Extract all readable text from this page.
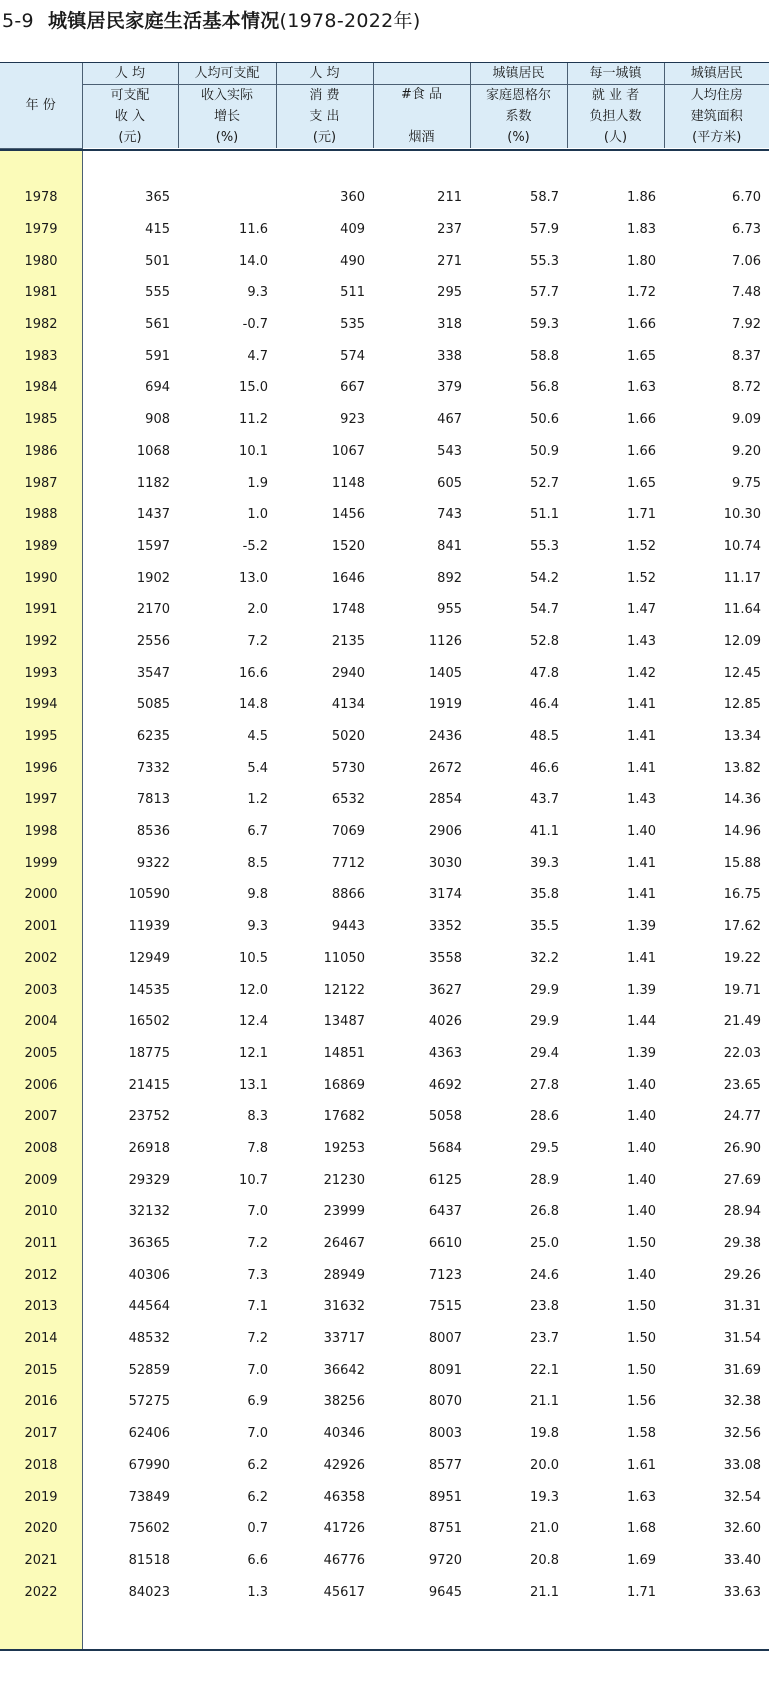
5-9 城镇居民家庭生活基本情况(1978-2022年)
年 份	人 均	人均可支配	人 均		城镇居民	每一城镇	城镇居民
	可支配	收入实际	消 费	#食 品	家庭恩格尔	就 业 者	人均住房
	收 入	增长	支 出		系数	负担人数	建筑面积
	(元)	(%)	(元)	烟酒	(%)	(人)	(平方米)
1978	365		360	211	58.7	1.86	6.70
1979	415	11.6	409	237	57.9	1.83	6.73
1980	501	14.0	490	271	55.3	1.80	7.06
1981	555	9.3	511	295	57.7	1.72	7.48
1982	561	-0.7	535	318	59.3	1.66	7.92
1983	591	4.7	574	338	58.8	1.65	8.37
1984	694	15.0	667	379	56.8	1.63	8.72
1985	908	11.2	923	467	50.6	1.66	9.09
1986	1068	10.1	1067	543	50.9	1.66	9.20
1987	1182	1.9	1148	605	52.7	1.65	9.75
1988	1437	1.0	1456	743	51.1	1.71	10.30
1989	1597	-5.2	1520	841	55.3	1.52	10.74
1990	1902	13.0	1646	892	54.2	1.52	11.17
1991	2170	2.0	1748	955	54.7	1.47	11.64
1992	2556	7.2	2135	1126	52.8	1.43	12.09
1993	3547	16.6	2940	1405	47.8	1.42	12.45
1994	5085	14.8	4134	1919	46.4	1.41	12.85
1995	6235	4.5	5020	2436	48.5	1.41	13.34
1996	7332	5.4	5730	2672	46.6	1.41	13.82
1997	7813	1.2	6532	2854	43.7	1.43	14.36
1998	8536	6.7	7069	2906	41.1	1.40	14.96
1999	9322	8.5	7712	3030	39.3	1.41	15.88
2000	10590	9.8	8866	3174	35.8	1.41	16.75
2001	11939	9.3	9443	3352	35.5	1.39	17.62
2002	12949	10.5	11050	3558	32.2	1.41	19.22
2003	14535	12.0	12122	3627	29.9	1.39	19.71
2004	16502	12.4	13487	4026	29.9	1.44	21.49
2005	18775	12.1	14851	4363	29.4	1.39	22.03
2006	21415	13.1	16869	4692	27.8	1.40	23.65
2007	23752	8.3	17682	5058	28.6	1.40	24.77
2008	26918	7.8	19253	5684	29.5	1.40	26.90
2009	29329	10.7	21230	6125	28.9	1.40	27.69
2010	32132	7.0	23999	6437	26.8	1.40	28.94
2011	36365	7.2	26467	6610	25.0	1.50	29.38
2012	40306	7.3	28949	7123	24.6	1.40	29.26
2013	44564	7.1	31632	7515	23.8	1.50	31.31
2014	48532	7.2	33717	8007	23.7	1.50	31.54
2015	52859	7.0	36642	8091	22.1	1.50	31.69
2016	57275	6.9	38256	8070	21.1	1.56	32.38
2017	62406	7.0	40346	8003	19.8	1.58	32.56
2018	67990	6.2	42926	8577	20.0	1.61	33.08
2019	73849	6.2	46358	8951	19.3	1.63	32.54
2020	75602	0.7	41726	8751	21.0	1.68	32.60
2021	81518	6.6	46776	9720	20.8	1.69	33.40
2022	84023	1.3	45617	9645	21.1	1.71	33.63
